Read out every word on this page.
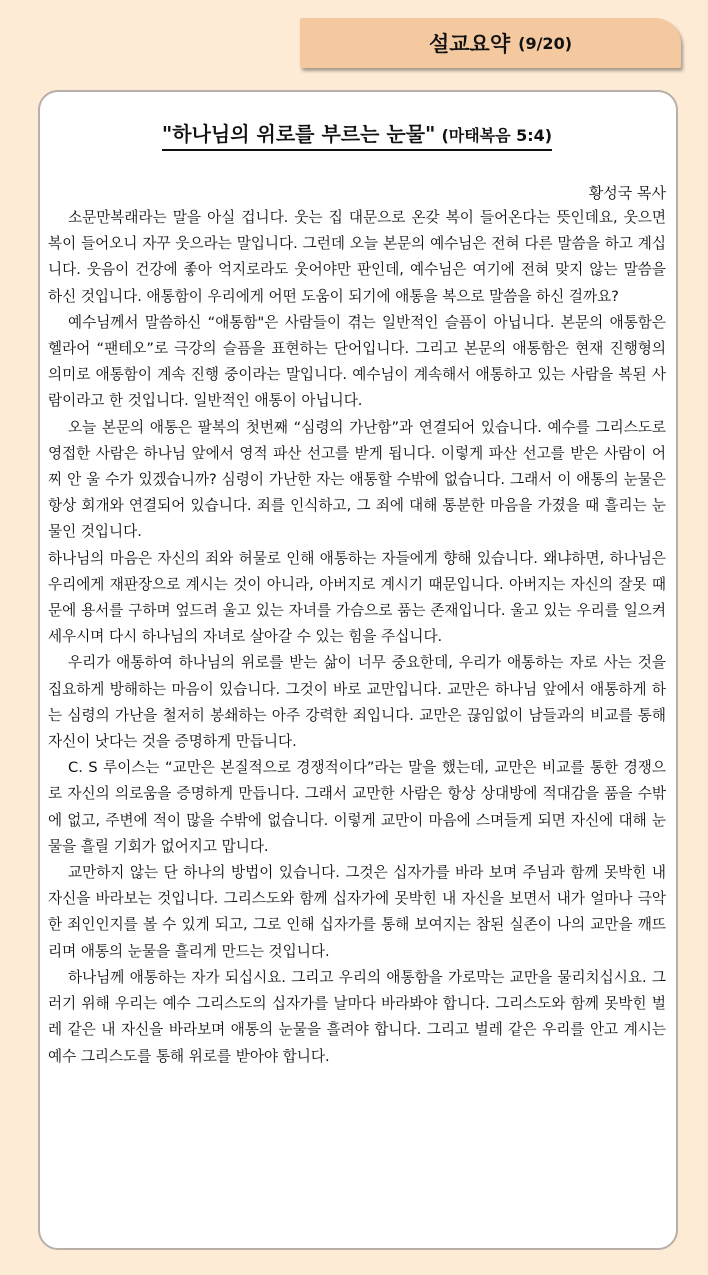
설교요약 (9/20)
"하나님의 위로를 부르는 눈물" (마태복음 5:4)
황성국 목사

소문만복래라는 말을 아실 겁니다. 웃는 집 대문으로 온갖 복이 들어온다는 뜻인데요, 웃으면 복이 들어오니 자꾸 웃으라는 말입니다. 그런데 오늘 본문의 예수님은 전혀 다른 말씀을 하고 계십니다. 웃음이 건강에 좋아 억지로라도 웃어야만 판인데, 예수님은 여기에 전혀 맞지 않는 말씀을 하신 것입니다. 애통함이 우리에게 어떤 도움이 되기에 애통을 복으로 말씀을 하신 걸까요?

예수님께서 말씀하신 “애통함"은 사람들이 겪는 일반적인 슬픔이 아닙니다. 본문의 애통함은 헬라어 “팬테오”로 극강의 슬픔을 표현하는 단어입니다. 그리고 본문의 애통함은 현재 진행형의 의미로 애통함이 계속 진행 중이라는 말입니다. 예수님이 계속해서 애통하고 있는 사람을 복된 사람이라고 한 것입니다. 일반적인 애통이 아닙니다.

오늘 본문의 애통은 팔복의 첫번째 “심령의 가난함”과 연결되어 있습니다. 예수를 그리스도로 영접한 사람은 하나님 앞에서 영적 파산 선고를 받게 됩니다. 이렇게 파산 선고를 받은 사람이 어찌 안 울 수가 있겠습니까? 심령이 가난한 자는 애통할 수밖에 없습니다. 그래서 이 애통의 눈물은 항상 회개와 연결되어 있습니다. 죄를 인식하고, 그 죄에 대해 통분한 마음을 가졌을 때 흘리는 눈물인 것입니다.

하나님의 마음은 자신의 죄와 허물로 인해 애통하는 자들에게 향해 있습니다. 왜냐하면, 하나님은 우리에게 재판장으로 계시는 것이 아니라, 아버지로 계시기 때문입니다. 아버지는 자신의 잘못 때문에 용서를 구하며 엎드려 울고 있는 자녀를 가슴으로 품는 존재입니다. 울고 있는 우리를 일으켜 세우시며 다시 하나님의 자녀로 살아갈 수 있는 힘을 주십니다.

우리가 애통하여 하나님의 위로를 받는 삶이 너무 중요한데, 우리가 애통하는 자로 사는 것을 집요하게 방해하는 마음이 있습니다. 그것이 바로 교만입니다. 교만은 하나님 앞에서 애통하게 하는 심령의 가난을 철저히 봉쇄하는 아주 강력한 죄입니다. 교만은 끊임없이 남들과의 비교를 통해 자신이 낫다는 것을 증명하게 만듭니다.

C. S 루이스는 “교만은 본질적으로 경쟁적이다”라는 말을 했는데, 교만은 비교를 통한 경쟁으로 자신의 의로움을 증명하게 만듭니다. 그래서 교만한 사람은 항상 상대방에 적대감을 품을 수밖에 없고, 주변에 적이 많을 수밖에 없습니다. 이렇게 교만이 마음에 스며들게 되면 자신에 대해 눈물을 흘릴 기회가 없어지고 맙니다.

교만하지 않는 단 하나의 방법이 있습니다. 그것은 십자가를 바라 보며 주님과 함께 못박힌 내 자신을 바라보는 것입니다. 그리스도와 함께 십자가에 못박힌 내 자신을 보면서 내가 얼마나 극악한 죄인인지를 볼 수 있게 되고, 그로 인해 십자가를 통해 보여지는 참된 실존이 나의 교만을 깨뜨리며 애통의 눈물을 흘리게 만드는 것입니다.

하나님께 애통하는 자가 되십시요. 그리고 우리의 애통함을 가로막는 교만을 물리치십시요. 그러기 위해 우리는 예수 그리스도의 십자가를 날마다 바라봐야 합니다. 그리스도와 함께 못박힌 벌레 같은 내 자신을 바라보며 애통의 눈물을 흘려야 합니다. 그리고 벌레 같은 우리를 안고 계시는 예수 그리스도를 통해 위로를 받아야 합니다.
